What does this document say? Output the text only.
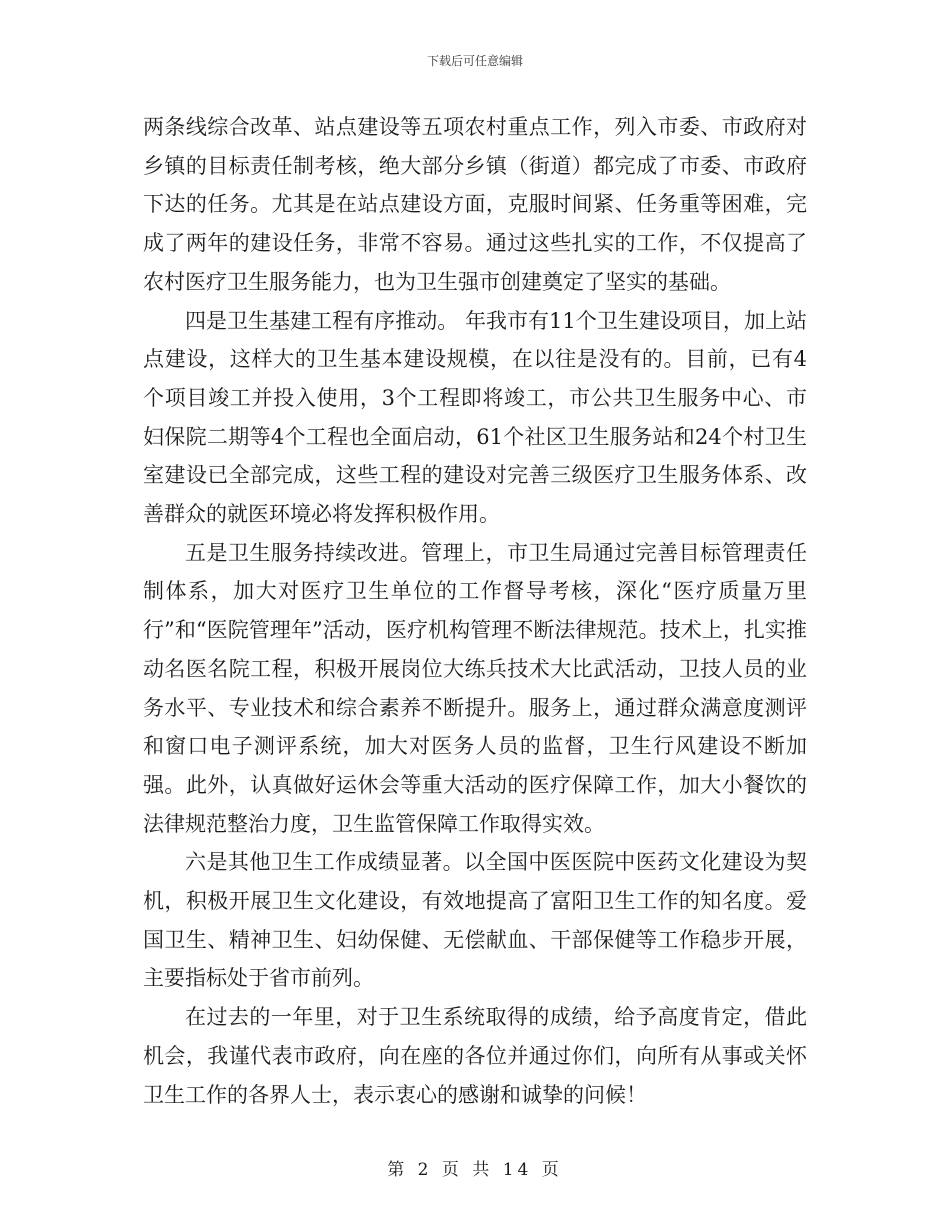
下载后可任意编辑

两条线综合改革、站点建设等五项农村重点工作，列入市委、市政府对乡镇的目标责任制考核，绝大部分乡镇（街道）都完成了市委、市政府下达的任务。尤其是在站点建设方面，克服时间紧、任务重等困难，完成了两年的建设任务，非常不容易。通过这些扎实的工作，不仅提高了农村医疗卫生服务能力，也为卫生强市创建奠定了坚实的基础。

四是卫生基建工程有序推动。 年我市有11个卫生建设项目，加上站点建设，这样大的卫生基本建设规模，在以往是没有的。目前，已有4个项目竣工并投入使用，3个工程即将竣工，市公共卫生服务中心、市妇保院二期等4个工程也全面启动，61个社区卫生服务站和24个村卫生室建设已全部完成，这些工程的建设对完善三级医疗卫生服务体系、改善群众的就医环境必将发挥积极作用。

五是卫生服务持续改进。管理上，市卫生局通过完善目标管理责任制体系，加大对医疗卫生单位的工作督导考核，深化“医疗质量万里行”和“医院管理年”活动，医疗机构管理不断法律规范。技术上，扎实推动名医名院工程，积极开展岗位大练兵技术大比武活动，卫技人员的业务水平、专业技术和综合素养不断提升。服务上，通过群众满意度测评和窗口电子测评系统，加大对医务人员的监督，卫生行风建设不断加强。此外，认真做好运休会等重大活动的医疗保障工作，加大小餐饮的法律规范整治力度，卫生监管保障工作取得实效。

六是其他卫生工作成绩显著。以全国中医医院中医药文化建设为契机，积极开展卫生文化建设，有效地提高了富阳卫生工作的知名度。爱国卫生、精神卫生、妇幼保健、无偿献血、干部保健等工作稳步开展，主要指标处于省市前列。

在过去的一年里，对于卫生系统取得的成绩，给予高度肯定，借此机会，我谨代表市政府，向在座的各位并通过你们，向所有从事或关怀卫生工作的各界人士，表示衷心的感谢和诚挚的问候！

第 2 页 共 14 页
